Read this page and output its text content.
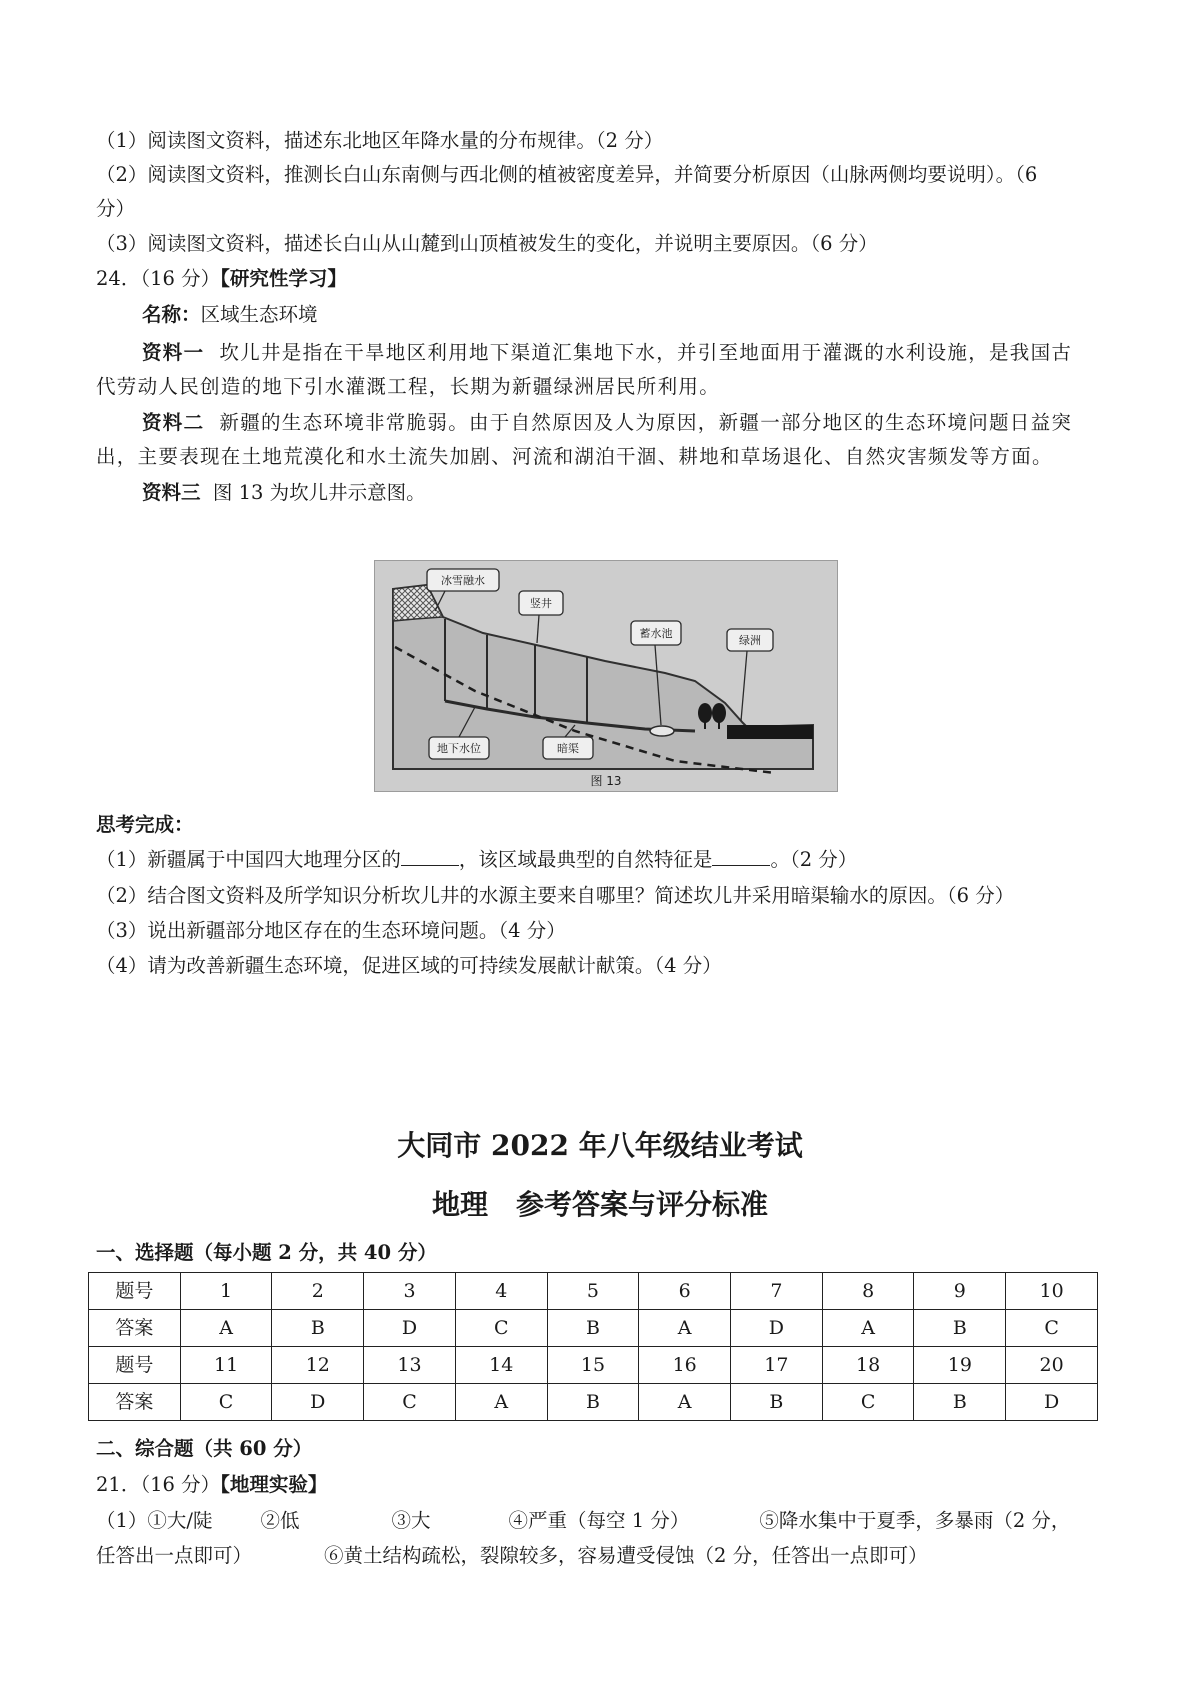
（1）阅读图文资料，描述东北地区年降水量的分布规律。（2 分）
（2）阅读图文资料，推测长白山东南侧与西北侧的植被密度差异，并简要分析原因（山脉两侧均要说明）。（6
分）
（3）阅读图文资料，描述长白山从山麓到山顶植被发生的变化，并说明主要原因。（6 分）
24．（16 分）【研究性学习】
名称：区域生态环境
资料一 坎儿井是指在干旱地区利用地下渠道汇集地下水，并引至地面用于灌溉的水利设施，是我国古
代劳动人民创造的地下引水灌溉工程，长期为新疆绿洲居民所利用。
资料二 新疆的生态环境非常脆弱。由于自然原因及人为原因，新疆一部分地区的生态环境问题日益突
出，主要表现在土地荒漠化和水土流失加剧、河流和湖泊干涸、耕地和草场退化、自然灾害频发等方面。
资料三 图 13 为坎儿井示意图。
冰雪融水
竖井
蓄水池
绿洲
地下水位	暗渠
图 13
思考完成：
（1）新疆属于中国四大地理分区的	，该区域最典型的自然特征是	。（2 分）
（2）结合图文资料及所学知识分析坎儿井的水源主要来自哪里？简述坎儿井采用暗渠输水的原因。（6 分）
（3）说出新疆部分地区存在的生态环境问题。（4 分）
（4）请为改善新疆生态环境，促进区域的可持续发展献计献策。（4 分）
大同市 2022 年八年级结业考试
地理　参考答案与评分标准
一、选择题（每小题 2 分，共 40 分）
题号	1	2	3	4	5	6	7	8	9	10
答案	A	B	D	C	B	A	D	A	B	C
题号	11	12	13	14	15	16	17	18	19	20
答案	C	D	C	A	B	A	B	C	B	D
二、综合题（共 60 分）
21．（16 分）【地理实验】
（1）①大/陡 ②低	③大	④严重（每空 1 分）	⑤降水集中于夏季，多暴雨（2 分，
任答出一点即可）	⑥黄土结构疏松，裂隙较多，容易遭受侵蚀（2 分，任答出一点即可）
